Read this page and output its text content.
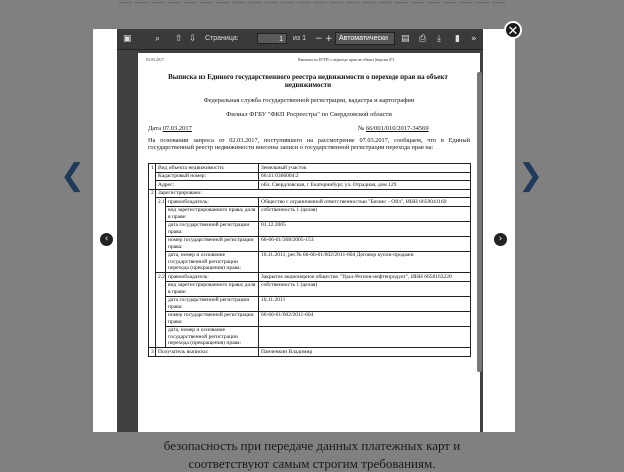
— — — — — — — — — — — — — — — — — — — — — — — —
безопасность при передаче данных платежных карт и
соответствуют самым строгим требованиям.
❮	❯
▣	⌕ ⇧ ⇩ Страница:	1	из 1 − + Автоматически	▤ ⎙ ⤓ ▮ »
03.03.2017	Выписка из ЕГРП о переходе прав на объект (версия 07)
Выписка из Единого государственного реестра недвижимости о переходе прав на объект недвижимости
Федеральная служба государственной регистрации, кадастра и картографии
Филиал ФГБУ "ФКП Росреестра" по Свердловской области
Дата 07.03.2017	№ 66/001/010/2017-34569
На основании запроса от 02.03.2017, поступившего на рассмотрение 07.03.2017, сообщаем, что в Единый государственный реестр недвижимости внесены записи о государственной регистрации перехода прав на:
1	Вид объекта недвижимости:		Земельный участок
	Кадастровый номер:		66:41:0306004:2
	Адрес:		обл. Свердловская, г Екатеринбург, ул. Отрадная, дом 129
2	Зарегистрировано:		
	2.1	правообладатель:	Общество с ограниченной ответственностью "Бизнес - Ойл", ИНН 6659041169
		вид зарегистрированного права; доля в праве:	собственность 1 (целая)
		дата государственной регистрации права:	01.12.2005
		номер государственной регистрации права:	66-66-01/368/2005-153
		дата, номер и основание государственной регистрации перехода (прекращения) права:	10.11.2011, рег.№ 66-66-01/602/2011-604 Договор купли-продажи
	2.2	правообладатель:	Закрытое акционерное общество "Урал-Регион-нефтепродукт", ИНН 6658163220
		вид зарегистрированного права; доля в праве:	собственность 1 (целая)
		дата государственной регистрации права:	10.11.2011
		номер государственной регистрации права:	66-66-01/602/2011-604
		дата, номер и основание государственной регистрации перехода (прекращения) права:	
3	Получатель выписки:		Панченкин Владимир
‹	›
✕
